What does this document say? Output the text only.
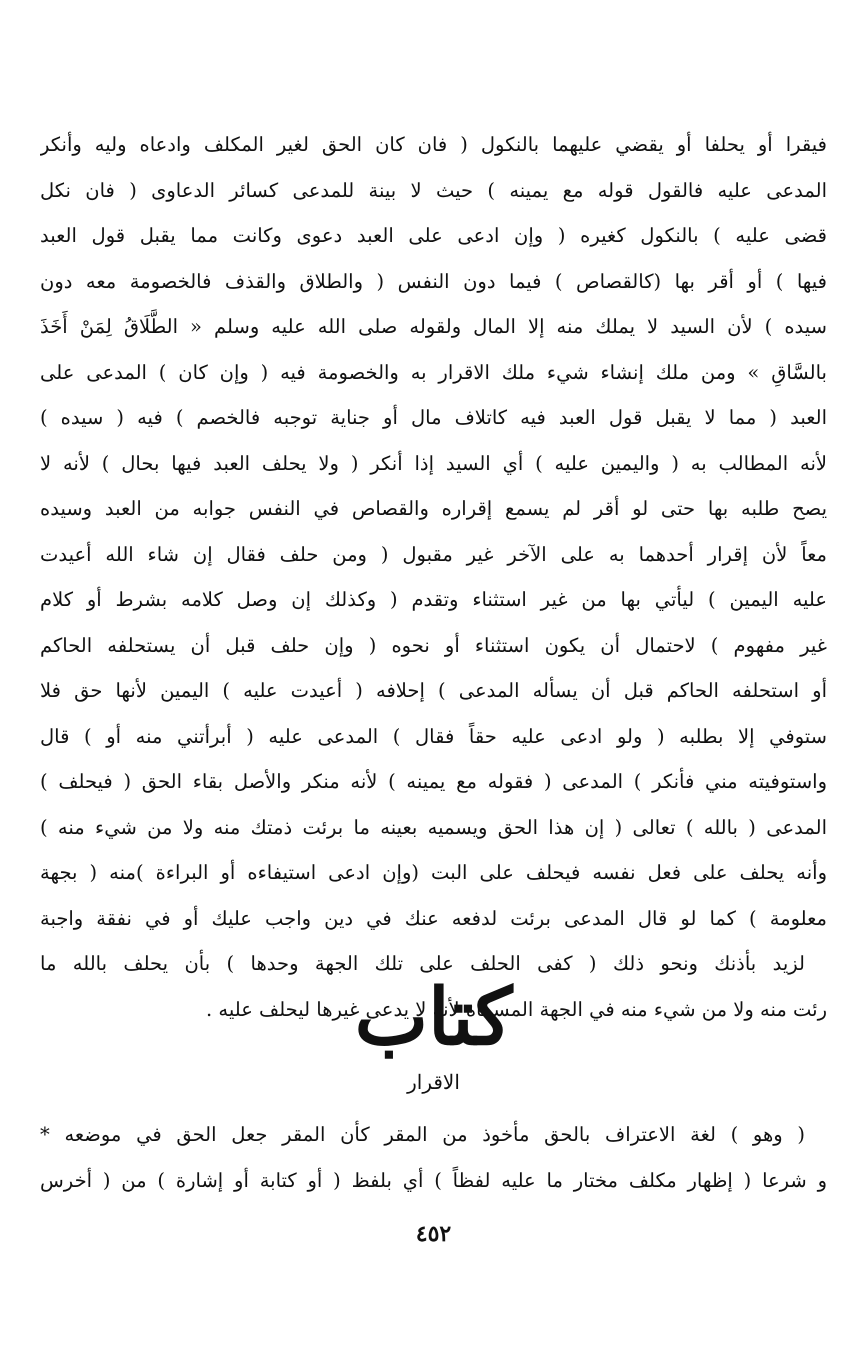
فيقرا أو يحلفا أو يقضي عليهما بالنكول ( فان كان الحق لغير المكلف وادعاه وليه وأنكر
المدعى عليه فالقول قوله مع يمينه ) حيث لا بينة للمدعى كسائر الدعاوى ( فان نكل
قضى عليه ) بالنكول كغيره ( وإن ادعى على العبد دعوى وكانت مما يقبل قول العبد
فيها ) أو أقر بها (كالقصاص ) فيما دون النفس ( والطلاق والقذف فالخصومة معه دون
سيده ) لأن السيد لا يملك منه إلا المال ولقوله صلى الله عليه وسلم « الطَّلَاقُ لِمَنْ أَخَذَ
بالسَّاقِ » ومن ملك إنشاء شيء ملك الاقرار به والخصومة فيه ( وإن كان ) المدعى على
العبد ( مما لا يقبل قول العبد فيه كاتلاف مال أو جناية توجبه فالخصم ) فيه ( سيده )
لأنه المطالب به ( واليمين عليه ) أي السيد إذا أنكر ( ولا يحلف العبد فيها بحال ) لأنه لا
يصح طلبه بها حتى لو أقر لم يسمع إقراره والقصاص في النفس جوابه من العبد وسيده
معاً لأن إقرار أحدهما به على الآخر غير مقبول ( ومن حلف فقال إن شاء الله أعيدت
عليه اليمين ) ليأتي بها من غير استثناء وتقدم ( وكذلك إن وصل كلامه بشرط أو كلام
غير مفهوم ) لاحتمال أن يكون استثناء أو نحوه ( وإن حلف قبل أن يستحلفه الحاكم
أو استحلفه الحاكم قبل أن يسأله المدعى ) إحلافه ( أعيدت عليه ) اليمين لأنها حق فلا
ستوفي إلا بطلبه ( ولو ادعى عليه حقاً فقال ) المدعى عليه ( أبرأتني منه أو ) قال
واستوفيته مني فأنكر ) المدعى ( فقوله مع يمينه ) لأنه منكر والأصل بقاء الحق ( فيحلف )
المدعى ( بالله ) تعالى ( إن هذا الحق ويسميه بعينه ما برئت ذمتك منه ولا من شيء منه )
وأنه يحلف على فعل نفسه فيحلف على البت (وإن ادعى استيفاءه أو البراءة )منه ( بجهة
معلومة ) كما لو قال المدعى برئت لدفعه عنك في دين واجب عليك أو في نفقة واجبة
لزيد بأذنك ونحو ذلك ( كفى الحلف على تلك الجهة وحدها ) بأن يحلف بالله ما
رئت منه ولا من شيء منه في الجهة المسماة لأنه لا يدعى غيرها ليحلف عليه .
كتاب
الاقرار
( وهو ) لغة الاعتراف بالحق مأخوذ من المقر كأن المقر جعل الحق في موضعه *
و شرعا ( إظهار مكلف مختار ما عليه لفظاً ) أي بلفظ ( أو كتابة أو إشارة ) من ( أخرس
٤٥٢
